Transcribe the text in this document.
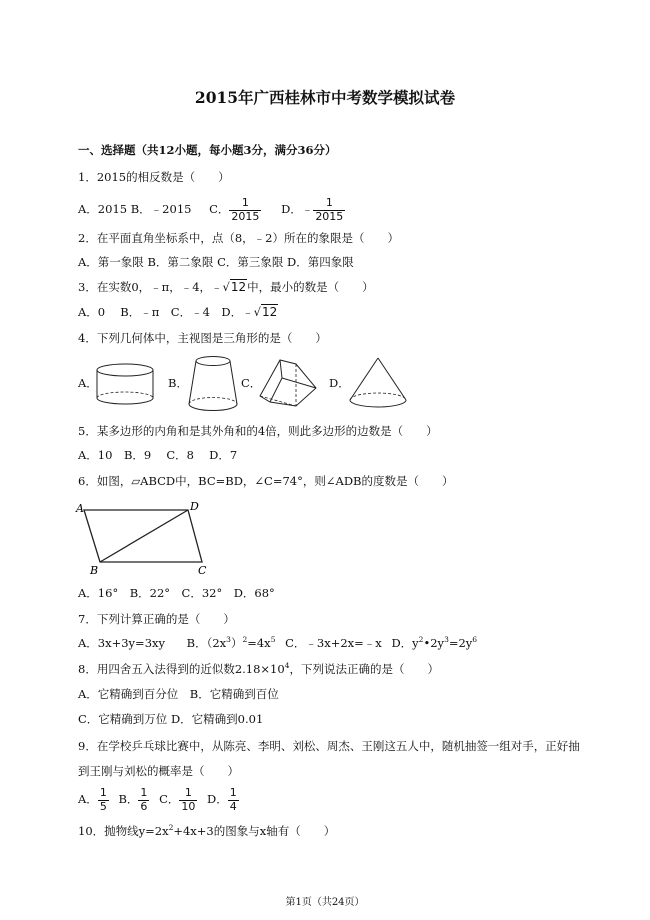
2015年广西桂林市中考数学模拟试卷
一、选择题（共12小题，每小题3分，满分36分）
1．2015的相反数是（　　）
A．2015 B．﹣2015 C． $\frac{1}{2015}$ D．﹣ $\frac{1}{2015}$
2．在平面直角坐标系中，点（8，﹣2）所在的象限是（　　）
A．第一象限 B．第二象限 C．第三象限 D．第四象限
3．在实数0，﹣π，﹣4，﹣√12中，最小的数是（　　）
A．0　 B．﹣π　C．﹣4　D．﹣√12
4．下列几何体中，主视图是三角形的是（　　）
A．	B．	C．	D．
5．某多边形的内角和是其外角和的4倍，则此多边形的边数是（　　）
A．10　B．9　 C．8　 D．7
6．如图，▱ABCD中，BC=BD，∠C=74°，则∠ADB的度数是（　　）
A	D
B	C
A．16°　B．22°　C．32°　D．68°
7．下列计算正确的是（　　）
A．3x+3y=3xy B．$(2x^3)^2=4x^5$ C．﹣3x+2x=﹣x D．$y^2•2y^3=2y^6$
8．用四舍五入法得到的近似数$2.18\times 10^4$，下列说法正确的是（　　）
A．它精确到百分位　B．它精确到百位
C．它精确到万位 D．它精确到0.01
9．在学校乒乓球比赛中，从陈亮、李明、刘松、周杰、王刚这五人中，随机抽签一组对手，正好抽
到王刚与刘松的概率是（　　）
A． $\frac{1}{5}$ B． $\frac{1}{6}$ C． $\frac{1}{10}$ D． $\frac{1}{4}$
10．抛物线$y=2x^2+4x+3$的图象与x轴有（　　）
第1页（共24页）
